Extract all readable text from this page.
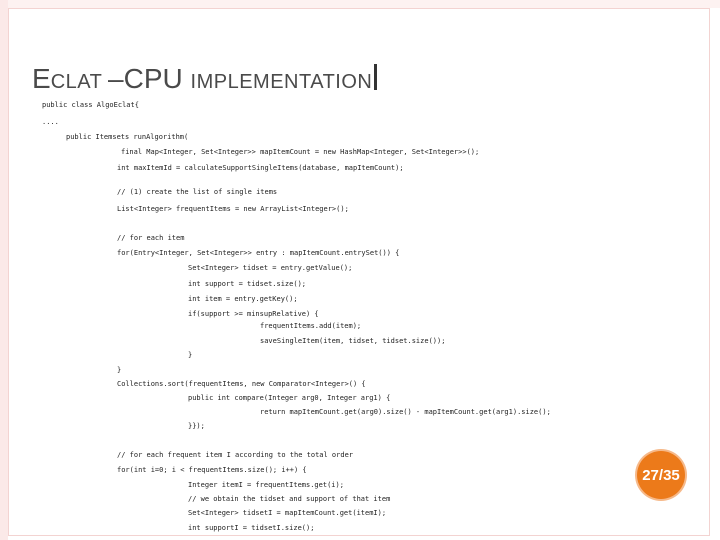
ECLAT –CPU IMPLEMENTATION
public class AlgoEclat{
....
public Itemsets runAlgorithm(
final Map<Integer, Set<Integer>> mapItemCount = new HashMap<Integer, Set<Integer>>();
int maxItemId = calculateSupportSingleItems(database, mapItemCount);
// (1) create the list of single items
List<Integer> frequentItems = new ArrayList<Integer>();
// for each item
for(Entry<Integer, Set<Integer>> entry : mapItemCount.entrySet()) {
Set<Integer> tidset = entry.getValue();
int support = tidset.size();
int item = entry.getKey();
if(support >= minsupRelative) {
frequentItems.add(item);
saveSingleItem(item, tidset, tidset.size());
}
}
Collections.sort(frequentItems, new Comparator<Integer>() {
public int compare(Integer arg0, Integer arg1) {
return mapItemCount.get(arg0).size() - mapItemCount.get(arg1).size();
}});
// for each frequent item I according to the total order
for(int i=0; i < frequentItems.size(); i++) {
Integer itemI = frequentItems.get(i);
// we obtain the tidset and support of that item
Set<Integer> tidsetI = mapItemCount.get(itemI);
int supportI = tidsetI.size();
27/35
